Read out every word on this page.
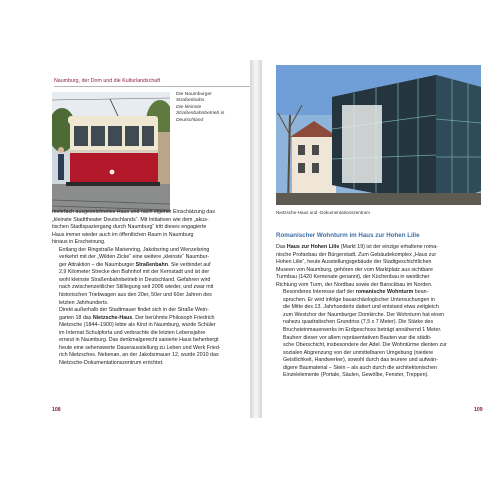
Naumburg, der Dom und die Kulturlandschaft
Die Naumburger Straßenbahn.
Die kleinste Straßenbahnbetrieb in Deutschland

mehrfach ausgezeichnetes Haus und nach eigener Einschätzung das
„kleinste Stadttheater Deutschlands“. Mit Initiativen wie dem „akus-
tischen Stadtspaziergang durch Naumburg“ tritt dieses engagierte
Haus immer wieder auch im öffentlichen Raum in Naumburg
hinaus in Erscheinung.

Entlang der Ringstraße Marienring, Jakobsring und Wenzelsring
verkehrt mit der „Wilden Zicke“ eine weitere „kleinste“ Naumbur-
ger Attraktion – die Naumburger Straßenbahn. Sie verbindet auf
2,9 Kilometer Strecke den Bahnhof mit der Kernstadt und ist der
wohl kleinste Straßenbahnbetrieb in Deutschland. Gefahren wird
nach zwischenzeitlicher Stilllegung seit 2006 wieder, und zwar mit
historischen Triebwagen aus den 20er, 50er und 60er Jahren des
letzten Jahrhunderts.

Direkt außerhalb der Stadtmauer findet sich in der Straße Wein-
garten 18 das Nietzsche-Haus. Der berühmte Philosoph Friedrich
Nietzsche (1844–1900) lebte als Kind in Naumburg, wurde Schüler
im Internat Schulpforta und verbrachte die letzten Lebensjahre
erneut in Naumburg. Das denkmalgerecht sanierte Haus beherbergt
heute eine sehenswerte Dauerausstellung zu Leben und Werk Fried-
rich Nietzsches. Nebenan, an der Jakobsmauer 12, wurde 2010 das
Nietzsche-Dokumentationszentrum errichtet.

108
Nietzsche-Haus und -Dokumentationszentrum
Romanischer Wohnturm im Haus zur Hohen Lilie

Das Haus zur Hohen Lilie (Markt 19) ist der einzige erhaltene roma-
nische Profanbau der Bürgerstadt. Zum Gebäudekomplex „Haus zur
Hohen Lilie“, heute Ausstellungsgebäude der Stadtgeschichtlichen
Museen von Naumburg, gehören der vom Marktplatz aus sichtbare
Turmbau (1420 Kemenate genannt), der Küchenbau in westlicher
Richtung vom Turm, der Nordbau sowie der Barockbau im Norden.

Besonderes Interesse darf der romanische Wohnturm bean-
spruchen. Er wird infolge bauarchäologischer Untersuchungen in
die Mitte des 13. Jahrhunderts datiert und entstand etwa zeitgleich
zum Westchor der Naumburger Domkirche. Der Wohnturm hat einen
nahezu quadratischen Grundriss (7,5 x 7 Meter). Die Stärke des
Bruchsteinmauerwerks im Erdgeschoss beträgt annähernd 1 Meter.

Bauherr dieser vor allem repräsentativen Bauten war die städti-
sche Oberschicht, insbesondere der Adel. Die Wohntürme dienten zur
sozialen Abgrenzung von der unmittelbaren Umgebung (niedere
Geistlichkeit, Handwerker), sowohl durch das teurere und aufwän-
digere Baumaterial – Stein – als auch durch die architektonischen
Einzelelemente (Portale, Säulen, Gewölbe, Fenster, Treppen).

109
